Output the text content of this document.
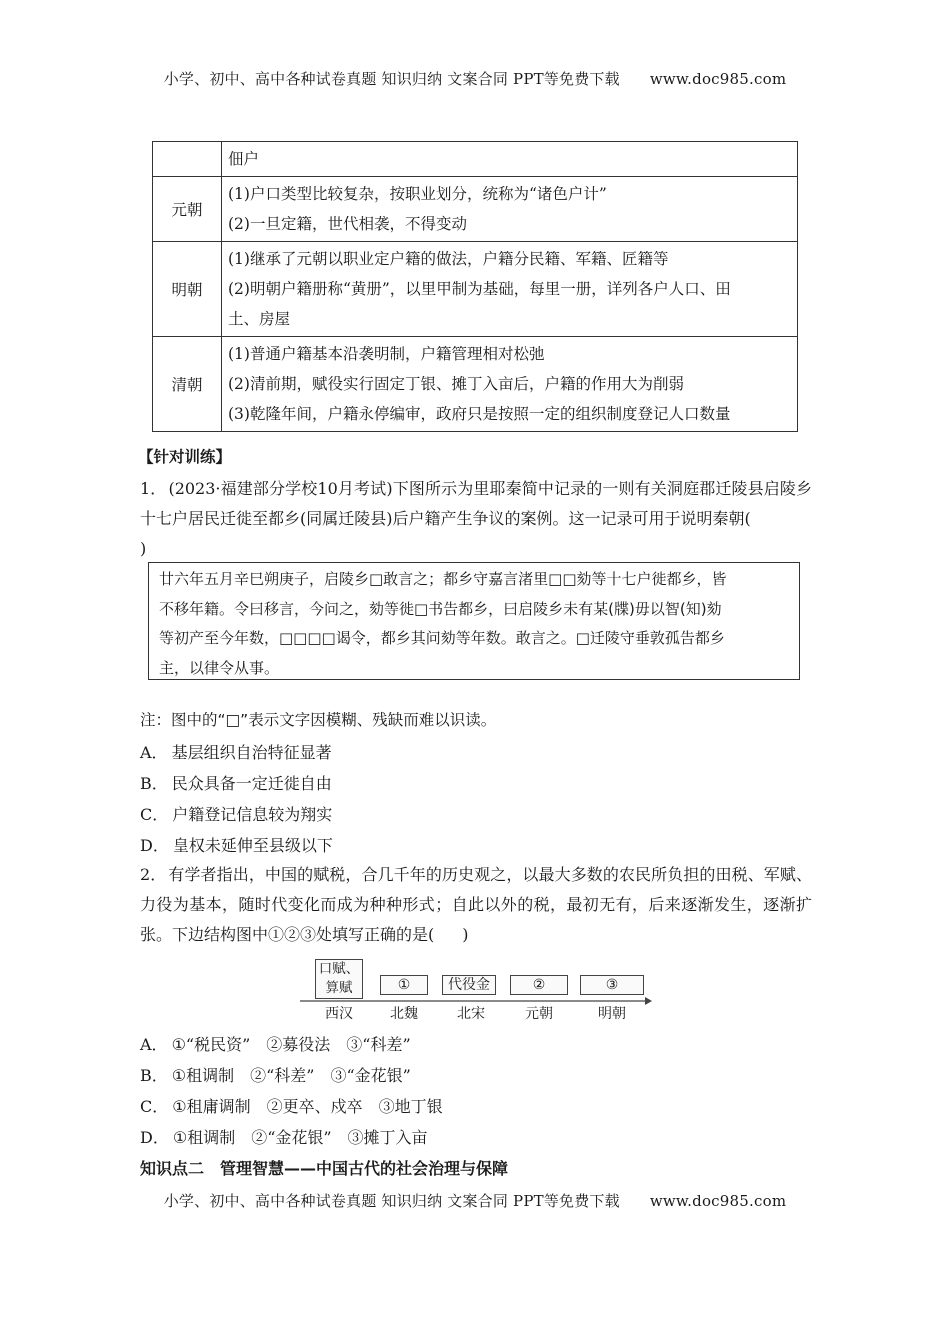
小学、初中、高中各种试卷真题 知识归纳 文案合同 PPT等免费下载 www.doc985.com

	佃户

元朝	(1)户口类型比较复杂，按职业划分，统称为“诸色户计”
(2)一旦定籍，世代相袭，不得变动

明朝	(1)继承了元朝以职业定户籍的做法，户籍分民籍、军籍、匠籍等
(2)明朝户籍册称“黄册”，以里甲制为基础，每里一册，详列各户人口、田
土、房屋

清朝	(1)普通户籍基本沿袭明制，户籍管理相对松弛
(2)清前期，赋役实行固定丁银、摊丁入亩后，户籍的作用大为削弱
(3)乾隆年间，户籍永停编审，政府只是按照一定的组织制度登记人口数量
【针对训练】
1． (2023·福建部分学校10月考试)下图所示为里耶秦简中记录的一则有关洞庭郡迁陵县启陵乡十七户居民迁徙至都乡(同属迁陵县)后户籍产生争议的案例。这一记录可用于说明秦朝(
)
廿六年五月辛巳朔庚子，启陵乡□敢言之；都乡守嘉言渚里□□劾等十七户徙都乡，皆
不移年籍。令曰移言，今问之，劾等徙□书告都乡，曰启陵乡未有某(牒)毋以智(知)劾
等初产至今年数，□□□□谒令，都乡其问劾等年数。敢言之。□迁陵守垂敦孤告都乡
主，以律令从事。
注：图中的“□”表示文字因模糊、残缺而难以识读。
A． 基层组织自治特征显著
B． 民众具备一定迁徙自由
C． 户籍登记信息较为翔实
D． 皇权未延伸至县级以下
2． 有学者指出，中国的赋税，合几千年的历史观之，以最大多数的农民所负担的田税、军赋、力役为基本，随时代变化而成为种种形式；自此以外的税，最初无有，后来逐渐发生，逐渐扩张。下边结构图中①②③处填写正确的是( )
口赋、算赋	①	代役金	②	③
西汉	北魏	北宋	元朝	明朝
A． ①“税民资”　②募役法　③“科差”
B． ①租调制　②“科差”　③“金花银”
C． ①租庸调制　②更卒、戍卒　③地丁银
D． ①租调制　②“金花银”　③摊丁入亩
知识点二　管理智慧——中国古代的社会治理与保障
小学、初中、高中各种试卷真题 知识归纳 文案合同 PPT等免费下载 www.doc985.com
